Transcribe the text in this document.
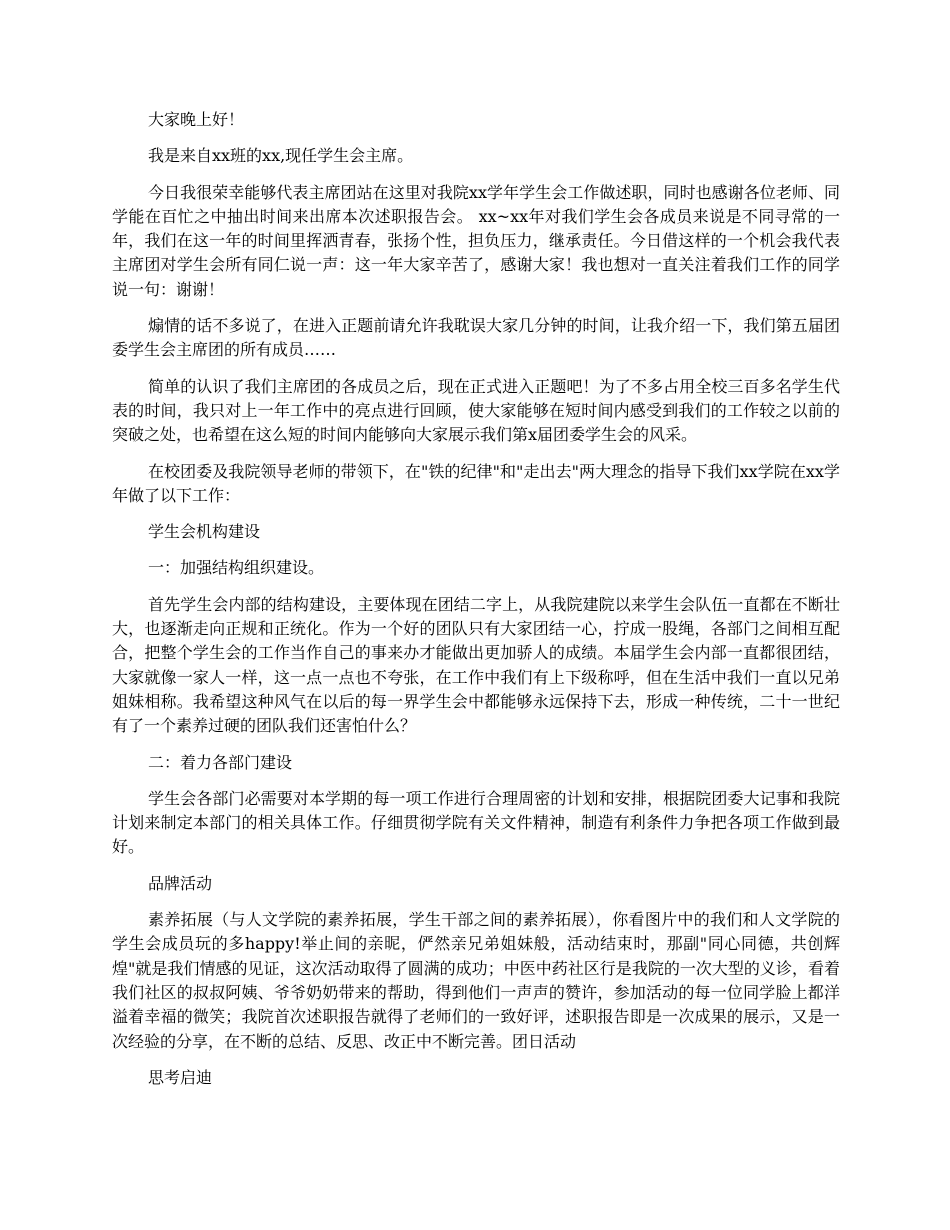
大家晚上好！

我是来自xx班的xx,现任学生会主席。

今日我很荣幸能够代表主席团站在这里对我院xx学年学生会工作做述职，同时也感谢各位老师、同学能在百忙之中抽出时间来出席本次述职报告会。 xx~xx年对我们学生会各成员来说是不同寻常的一年，我们在这一年的时间里挥洒青春，张扬个性，担负压力，继承责任。今日借这样的一个机会我代表主席团对学生会所有同仁说一声：这一年大家辛苦了，感谢大家！我也想对一直关注着我们工作的同学说一句：谢谢！

煽情的话不多说了，在进入正题前请允许我耽误大家几分钟的时间，让我介绍一下，我们第五届团委学生会主席团的所有成员……

简单的认识了我们主席团的各成员之后，现在正式进入正题吧！为了不多占用全校三百多名学生代表的时间，我只对上一年工作中的亮点进行回顾，使大家能够在短时间内感受到我们的工作较之以前的突破之处，也希望在这么短的时间内能够向大家展示我们第x届团委学生会的风采。

在校团委及我院领导老师的带领下，在"铁的纪律"和"走出去"两大理念的指导下我们xx学院在xx学年做了以下工作：

学生会机构建设

一：加强结构组织建设。

首先学生会内部的结构建设，主要体现在团结二字上，从我院建院以来学生会队伍一直都在不断壮大，也逐渐走向正规和正统化。作为一个好的团队只有大家团结一心，拧成一股绳，各部门之间相互配合，把整个学生会的工作当作自己的事来办才能做出更加骄人的成绩。本届学生会内部一直都很团结，大家就像一家人一样，这一点一点也不夸张，在工作中我们有上下级称呼，但在生活中我们一直以兄弟姐妹相称。我希望这种风气在以后的每一界学生会中都能够永远保持下去，形成一种传统，二十一世纪有了一个素养过硬的团队我们还害怕什么？

二：着力各部门建设

学生会各部门必需要对本学期的每一项工作进行合理周密的计划和安排，根据院团委大记事和我院计划来制定本部门的相关具体工作。仔细贯彻学院有关文件精神，制造有利条件力争把各项工作做到最好。

品牌活动

素养拓展（与人文学院的素养拓展，学生干部之间的素养拓展），你看图片中的我们和人文学院的学生会成员玩的多happy!举止间的亲昵，俨然亲兄弟姐妹般，活动结束时，那副"同心同德，共创辉煌"就是我们情感的见证，这次活动取得了圆满的成功；中医中药社区行是我院的一次大型的义诊，看着我们社区的叔叔阿姨、爷爷奶奶带来的帮助，得到他们一声声的赞许，参加活动的每一位同学脸上都洋溢着幸福的微笑；我院首次述职报告就得了老师们的一致好评，述职报告即是一次成果的展示，又是一次经验的分享，在不断的总结、反思、改正中不断完善。团日活动

思考启迪
